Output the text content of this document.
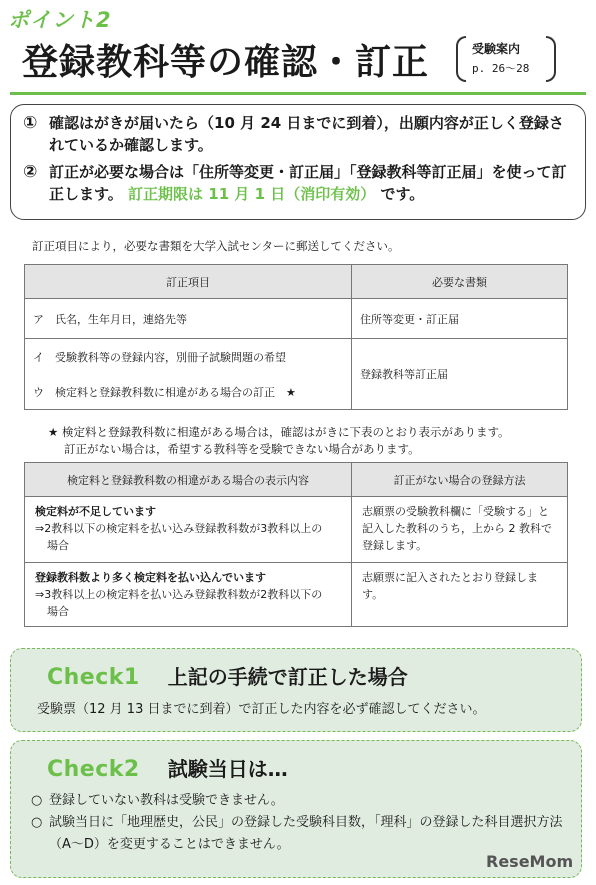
ポイント2
登録教科等の確認・訂正	受験案内
p. 26〜28
① 確認はがきが届いたら（10 月 24 日までに到着），出願内容が正しく登録されているか確認します。
② 訂正が必要な場合は「住所等変更・訂正届」「登録教科等訂正届」を使って訂正します。 訂正期限は 11 月 1 日（消印有効） です。
訂正項目により，必要な書類を大学入試センターに郵送してください。
訂正項目	必要な書類
ア　氏名，生年月日，連絡先等	住所等変更・訂正届

イ　受験教科等の登録内容，別冊子試験問題の希望
ウ　検定料と登録教科数に相違がある場合の訂正　★	登録教科等訂正届
★ 検定料と登録教科数に相違がある場合は，確認はがきに下表のとおり表示があります。
訂正がない場合は，希望する教科等を受験できない場合があります。
検定料と登録教科数の相違がある場合の表示内容	訂正がない場合の登録方法

検定料が不足しています
⇒2教科以下の検定料を払い込み登録教科数が3教科以上の
場合	志願票の受験教科欄に「受験する」と記入した教科のうち，上から 2 教科で登録します。

登録教科数より多く検定料を払い込んでいます
⇒3教科以上の検定料を払い込み登録教科数が2教科以下の
場合	志願票に記入されたとおり登録します。
Check1 上記の手続で訂正した場合
受験票（12 月 13 日までに到着）で訂正した内容を必ず確認してください。
Check2 試験当日は…
○ 登録していない教科は受験できません。
○ 試験当日に「地理歴史，公民」の登録した受験科目数，「理科」の登録した科目選択方法（A〜D）を変更することはできません。
ReseMom
